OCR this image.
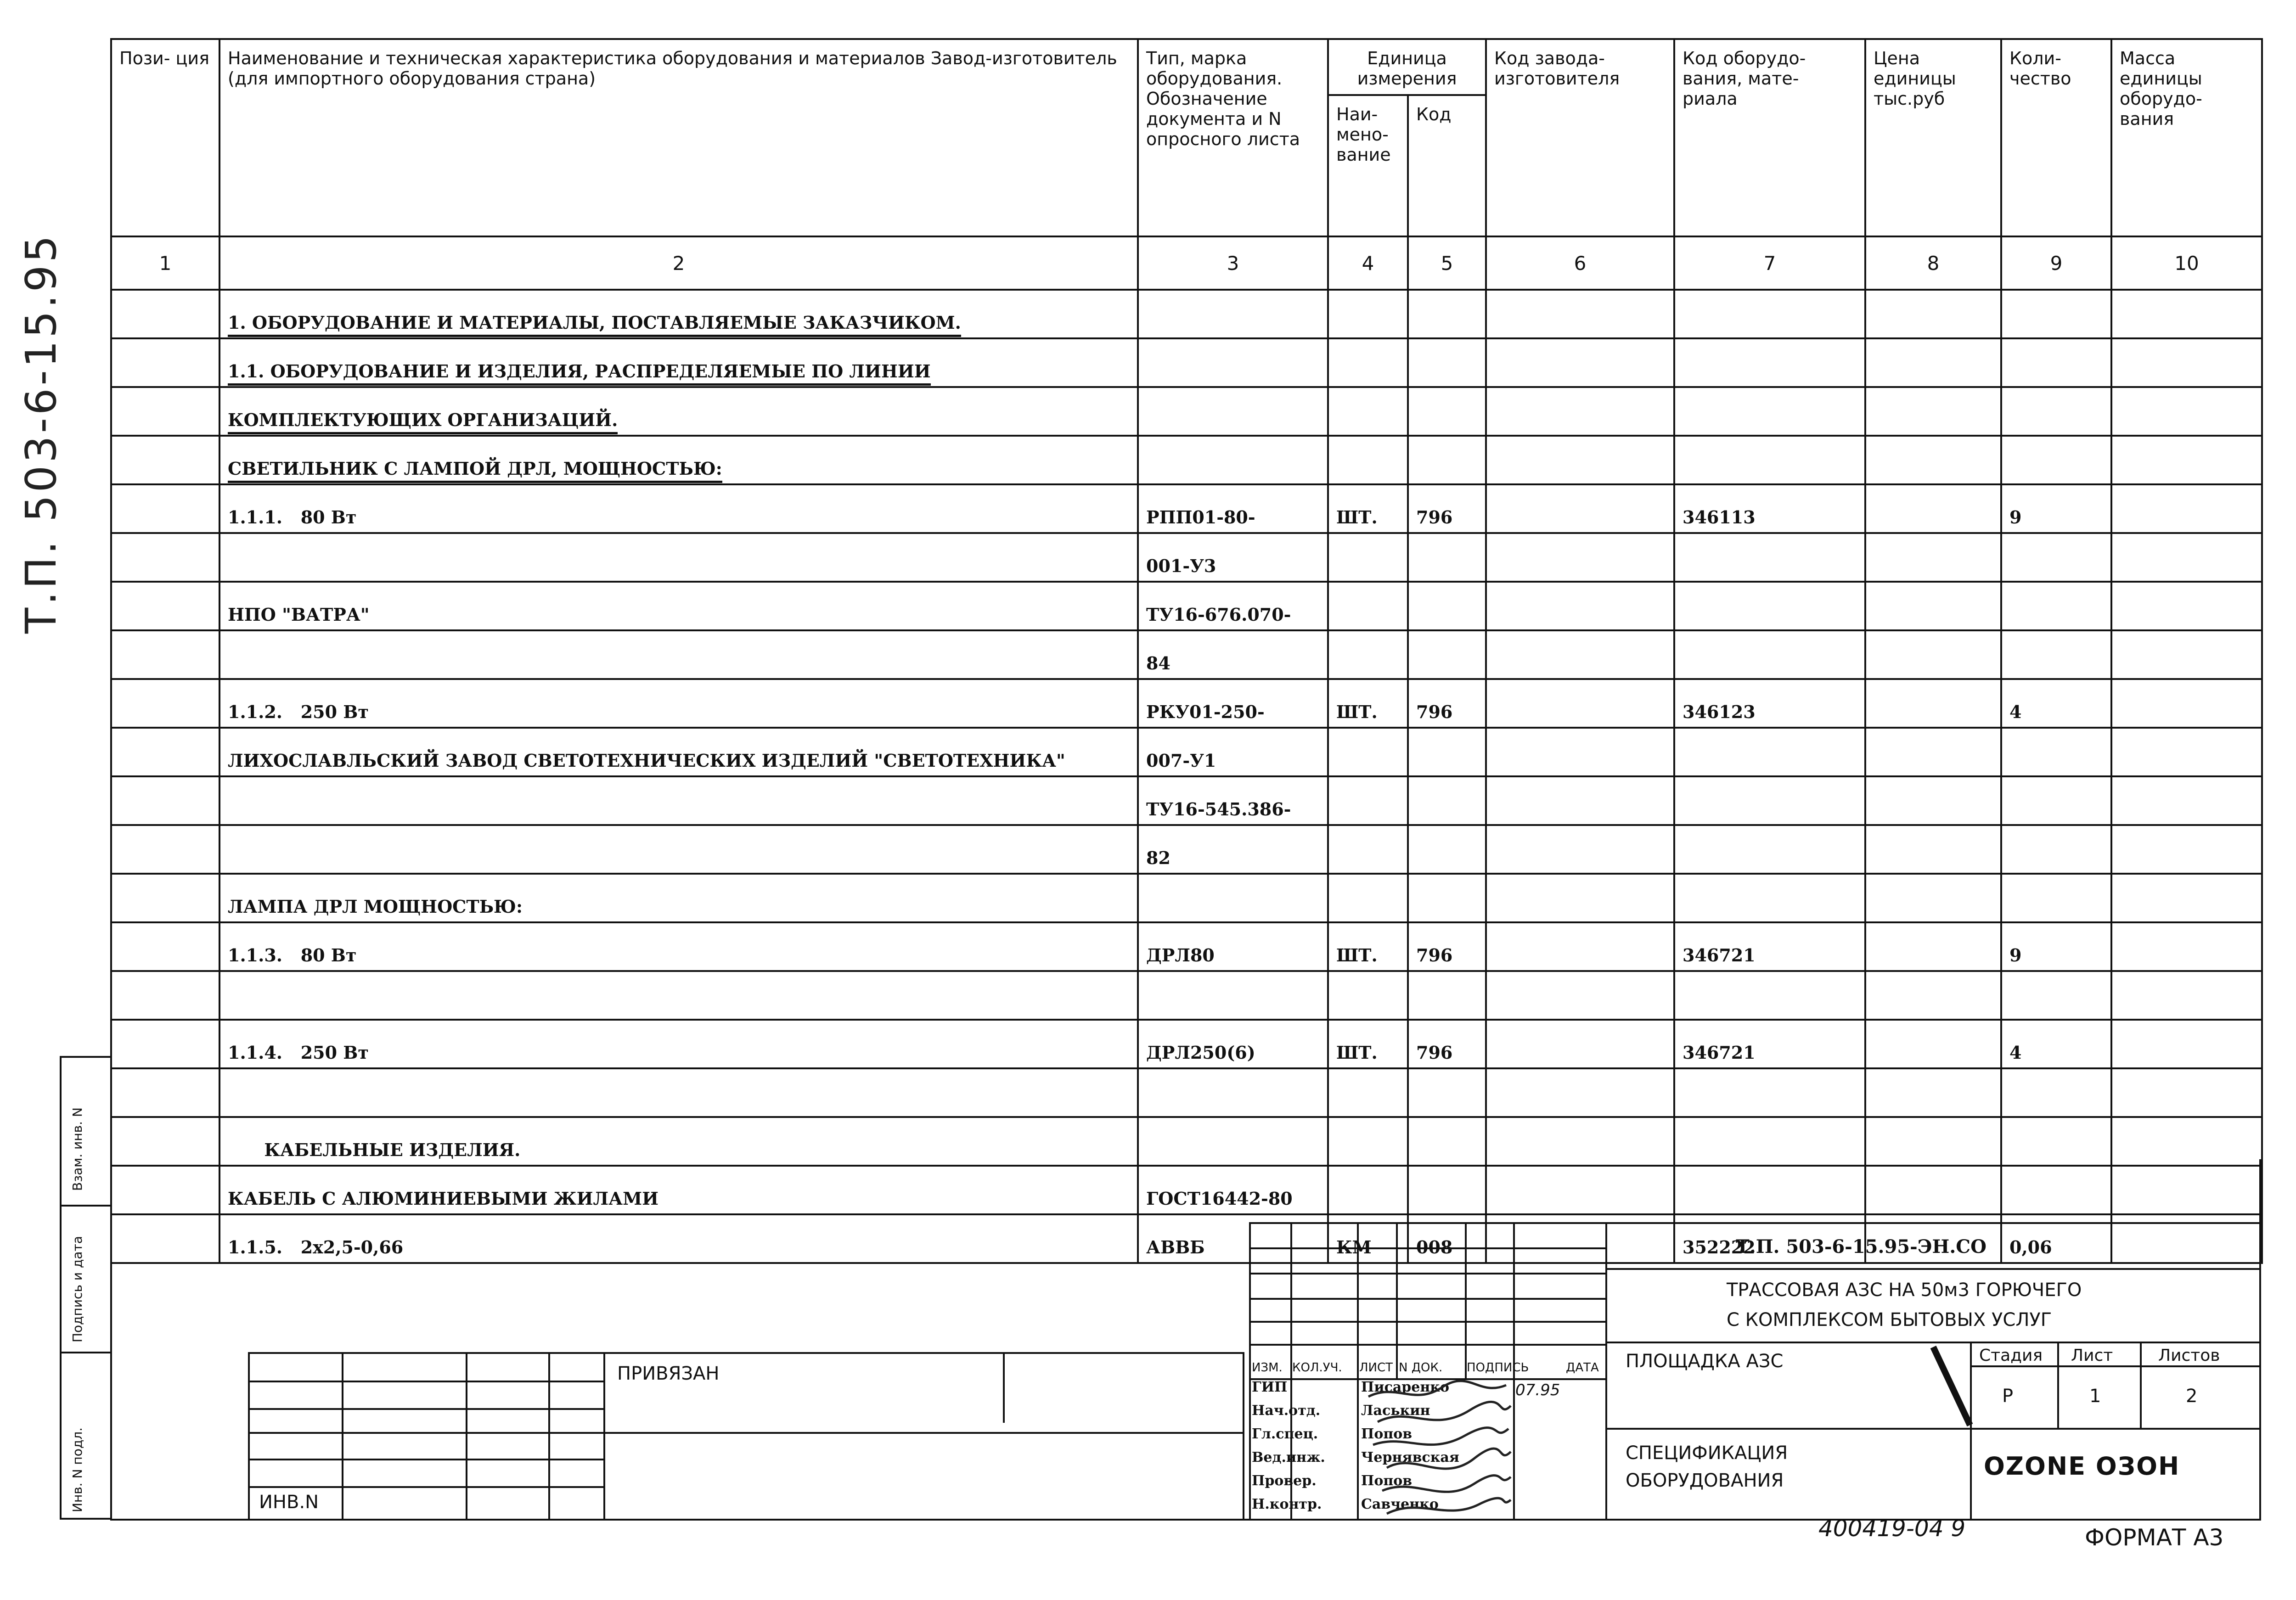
Т.П. 503-6-15.95
Пози- ция	Наименование и техническая характеристика оборудования и материалов Завод-изготовитель (для импортного оборудования страна)	Тип, марка оборудования. Обозначение документа и N опросного листа	Единица измерения		Код завода- изготовителя	Код оборудо- вания, мате- риала	Цена единицы тыс.руб	Коли- чество	Масса единицы оборудо- вания
			Наи- мено- вание	Код					
1	2	3	4	5	6	7	8	9	10
	1. ОБОРУДОВАНИЕ И МАТЕРИАЛЫ, ПОСТАВЛЯЕМЫЕ ЗАКАЗЧИКОМ.								
	1.1. ОБОРУДОВАНИЕ И ИЗДЕЛИЯ, РАСПРЕДЕЛЯЕМЫЕ ПО ЛИНИИ								
	КОМПЛЕКТУЮЩИХ ОРГАНИЗАЦИЙ.								
	СВЕТИЛЬНИК С ЛАМПОЙ ДРЛ, МОЩНОСТЬЮ:								
	1.1.1.   80 Вт	РПП01-80-	ШТ.	796		346113		9	
		001-У3							
	НПО "ВАТРА"	ТУ16-676.070-							
		84							
	1.1.2.   250 Вт	РКУ01-250-	ШТ.	796		346123		4	
	ЛИХОСЛАВЛЬСКИЙ ЗАВОД СВЕТОТЕХНИЧЕСКИХ ИЗДЕЛИЙ "СВЕТОТЕХНИКА"	007-У1							
		ТУ16-545.386-							
		82							
	ЛАМПА ДРЛ МОЩНОСТЬЮ:								
	1.1.3.   80 Вт	ДРЛ80	ШТ.	796		346721		9	

	1.1.4.   250 Вт	ДРЛ250(6)	ШТ.	796		346721		4	

	КАБЕЛЬНЫЕ ИЗДЕЛИЯ.								
	КАБЕЛЬ С АЛЮМИНИЕВЫМИ ЖИЛАМИ	ГОСТ16442-80							
	1.1.5.   2х2,5-0,66	АВВБ	КМ	008		352222		0,06	
Взам. инв. N
Подпись и дата
Инв. N подл.
ПРИВЯЗАН
ИНВ.N
ИЗМ. КОЛ.УЧ. ЛИСТ N ДОК. ПОДПИСЬ	ДАТА
ГИП	Писаренко
Нач.отд.	Ласькин
Гл.спец.	Попов
Вед.инж.	Чернявская
Провер.	Попов
Н.контр.	Савченко
07.95
Т.П. 503-6-15.95-ЭН.СО
ТРАССОВАЯ АЗС НА 50м3 ГОРЮЧЕГО
С КОМПЛЕКСОМ БЫТОВЫХ УСЛУГ
ПЛОЩАДКА АЗС	Стадия Лист	Листов
Р	1	2
СПЕЦИФИКАЦИЯ
ОБОРУДОВАНИЯ	OZONE ОЗОН
400419-04 9	ФОРМАТ А3
